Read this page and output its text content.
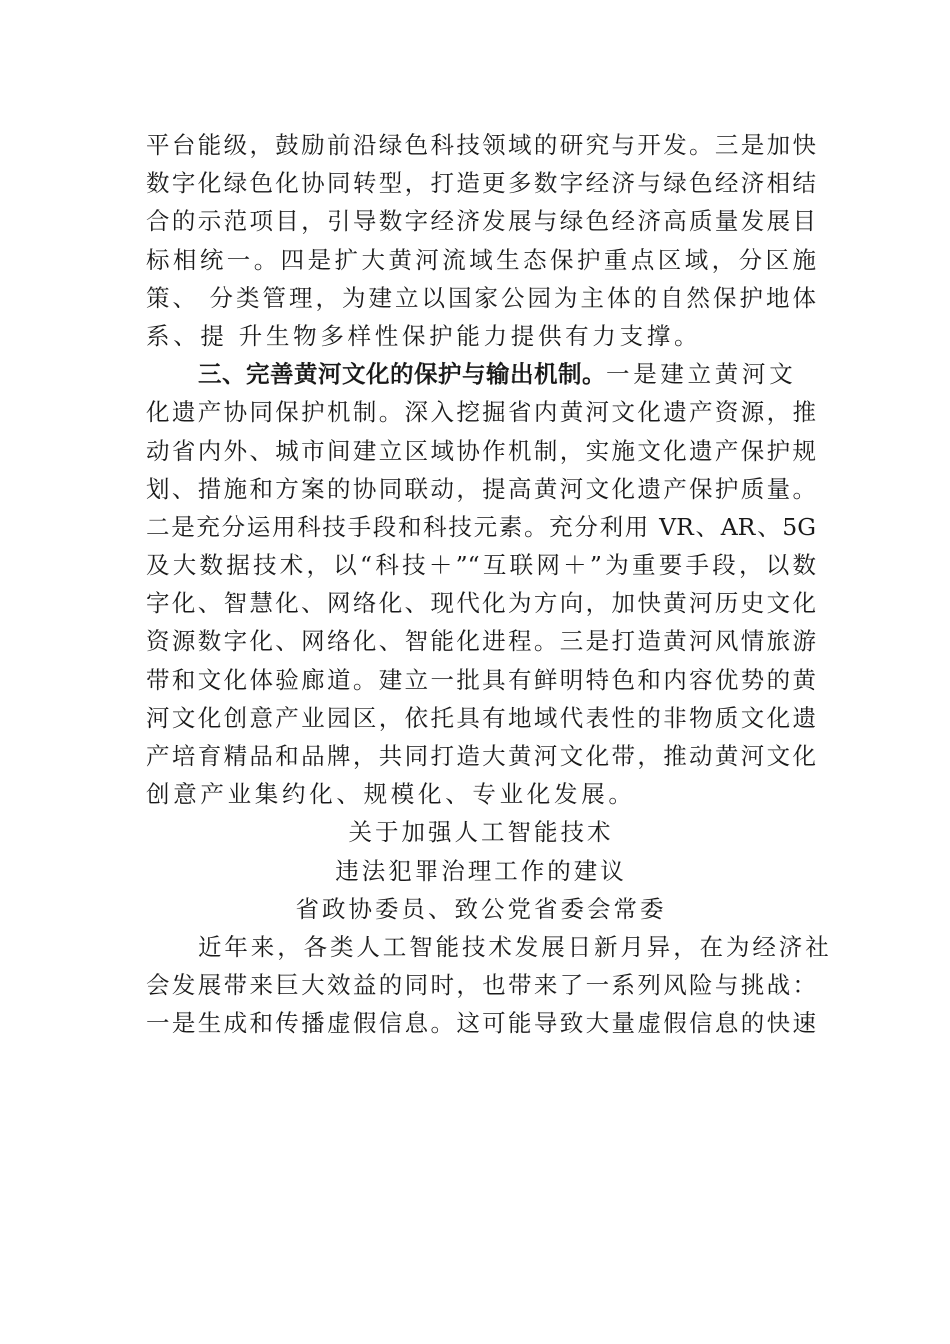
平台能级，鼓励前沿绿色科技领域的研究与开发。三是加快
数字化绿色化协同转型，打造更多数字经济与绿色经济相结
合的示范项目，引导数字经济发展与绿色经济高质量发展目
标相统一。四是扩大黄河流域生态保护重点区域，分区施
策、 分类管理，为建立以国家公园为主体的自然保护地体
系、提 升生物多样性保护能力提供有力支撑。
三、完善黄河文化的保护与输出机制。一是建立黄河文
化遗产协同保护机制。深入挖掘省内黄河文化遗产资源，推
动省内外、城市间建立区域协作机制，实施文化遗产保护规
划、措施和方案的协同联动，提高黄河文化遗产保护质量。
二是充分运用科技手段和科技元素。充分利用 VR、AR、5G
及大数据技术，以“科技＋”“互联网＋”为重要手段，以数
字化、智慧化、网络化、现代化为方向，加快黄河历史文化
资源数字化、网络化、智能化进程。三是打造黄河风情旅游
带和文化体验廊道。建立一批具有鲜明特色和内容优势的黄
河文化创意产业园区，依托具有地域代表性的非物质文化遗
产培育精品和品牌，共同打造大黄河文化带，推动黄河文化
创意产业集约化、规模化、专业化发展。
关于加强人工智能技术
违法犯罪治理工作的建议
省政协委员、致公党省委会常委
近年来，各类人工智能技术发展日新月异，在为经济社
会发展带来巨大效益的同时，也带来了一系列风险与挑战：
一是生成和传播虚假信息。这可能导致大量虚假信息的快速
